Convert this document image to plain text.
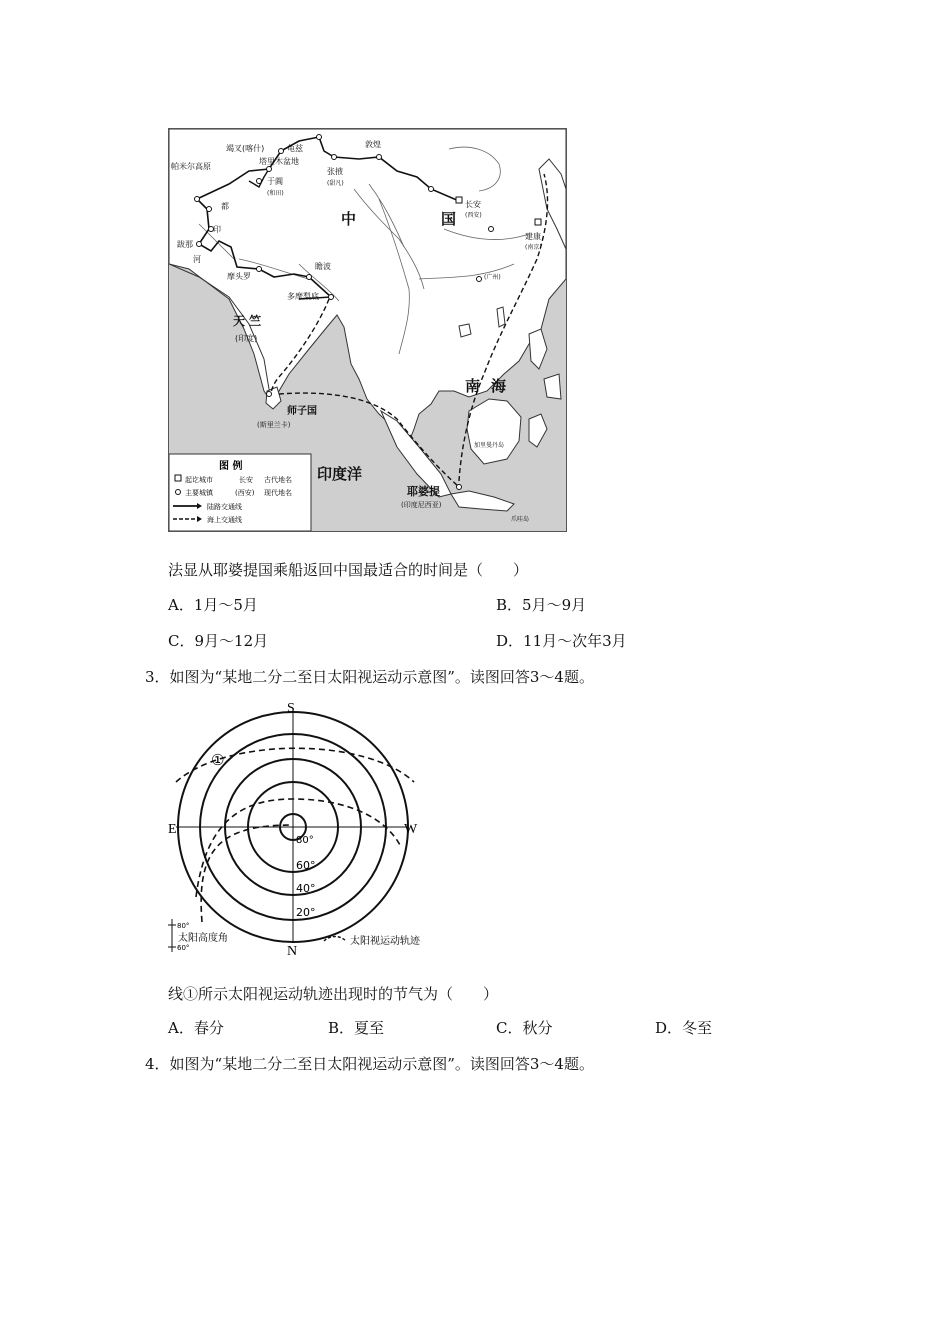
帕米尔高原
竭叉(喀什)	龟兹
塔里木盆地
于阗
(和田)
敦煌
张掖
(甜凡)
长安
(西安)
建康
(南京)
(广州)
都
印
河
跋那
摩头罗
瞻波
多摩梨底
加里曼丹岛
爪哇岛
(印度尼西亚)
(斯里兰卡)
(印度)
中	国
天 竺
师子国
印度洋
南 海
耶婆提
图 例
起讫城市	长安 古代地名
主要城镇	(西安) 现代地名
陆路交通线
海上交通线
法显从耶婆提国乘船返回中国最适合的时间是（　　）
A．1月～5月	B．5月～9月
C．9月～12月	D．11月～次年3月
3．如图为“某地二分二至日太阳视运动示意图”。读图回答3～4题。
S
N
E	W
①
80°
60°
40°
20°
80°
60°
太阳高度角	太阳视运动轨迹
线①所示太阳视运动轨迹出现时的节气为（　　）
A．春分	B．夏至	C．秋分	D．冬至
4．如图为“某地二分二至日太阳视运动示意图”。读图回答3～4题。
